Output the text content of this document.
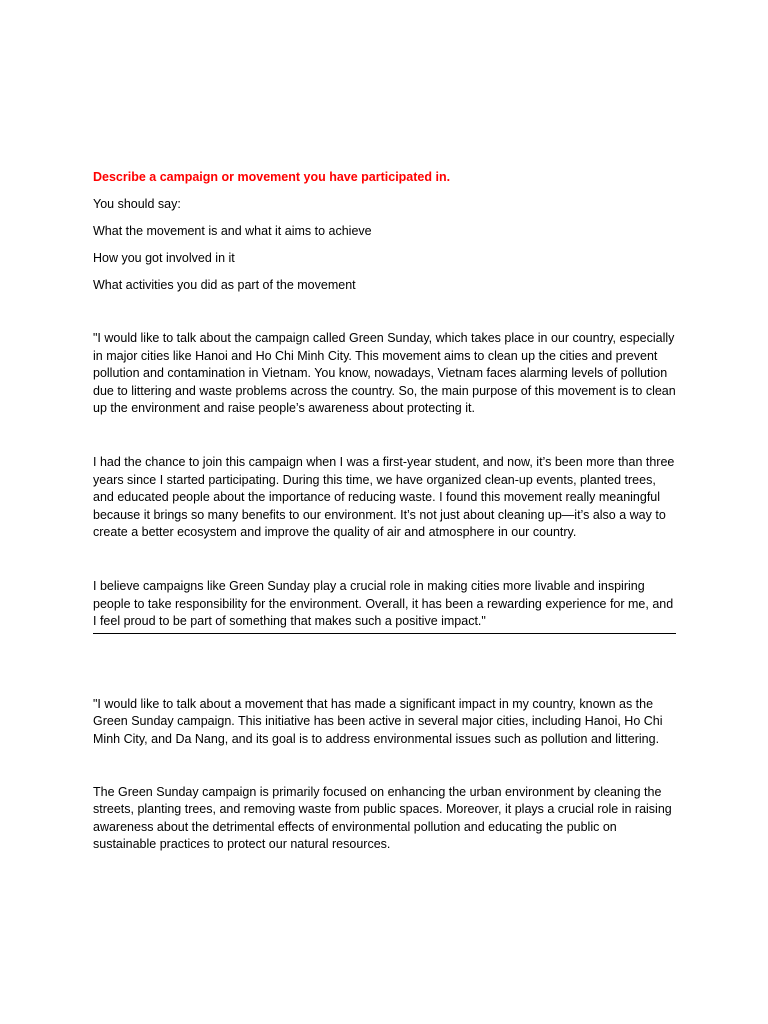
Describe a campaign or movement you have participated in.

You should say:

What the movement is and what it aims to achieve

How you got involved in it

What activities you did as part of the movement

"I would like to talk about the campaign called Green Sunday, which takes place in our country, especially in major cities like Hanoi and Ho Chi Minh City. This movement aims to clean up the cities and prevent pollution and contamination in Vietnam. You know, nowadays, Vietnam faces alarming levels of pollution due to littering and waste problems across the country. So, the main purpose of this movement is to clean up the environment and raise people’s awareness about protecting it.

I had the chance to join this campaign when I was a first-year student, and now, it’s been more than three years since I started participating. During this time, we have organized clean-up events, planted trees, and educated people about the importance of reducing waste. I found this movement really meaningful because it brings so many benefits to our environment. It’s not just about cleaning up—it’s also a way to create a better ecosystem and improve the quality of air and atmosphere in our country.

I believe campaigns like Green Sunday play a crucial role in making cities more livable and inspiring people to take responsibility for the environment. Overall, it has been a rewarding experience for me, and I feel proud to be part of something that makes such a positive impact."

"I would like to talk about a movement that has made a significant impact in my country, known as the Green Sunday campaign. This initiative has been active in several major cities, including Hanoi, Ho Chi Minh City, and Da Nang, and its goal is to address environmental issues such as pollution and littering.

The Green Sunday campaign is primarily focused on enhancing the urban environment by cleaning the streets, planting trees, and removing waste from public spaces. Moreover, it plays a crucial role in raising awareness about the detrimental effects of environmental pollution and educating the public on sustainable practices to protect our natural resources.
